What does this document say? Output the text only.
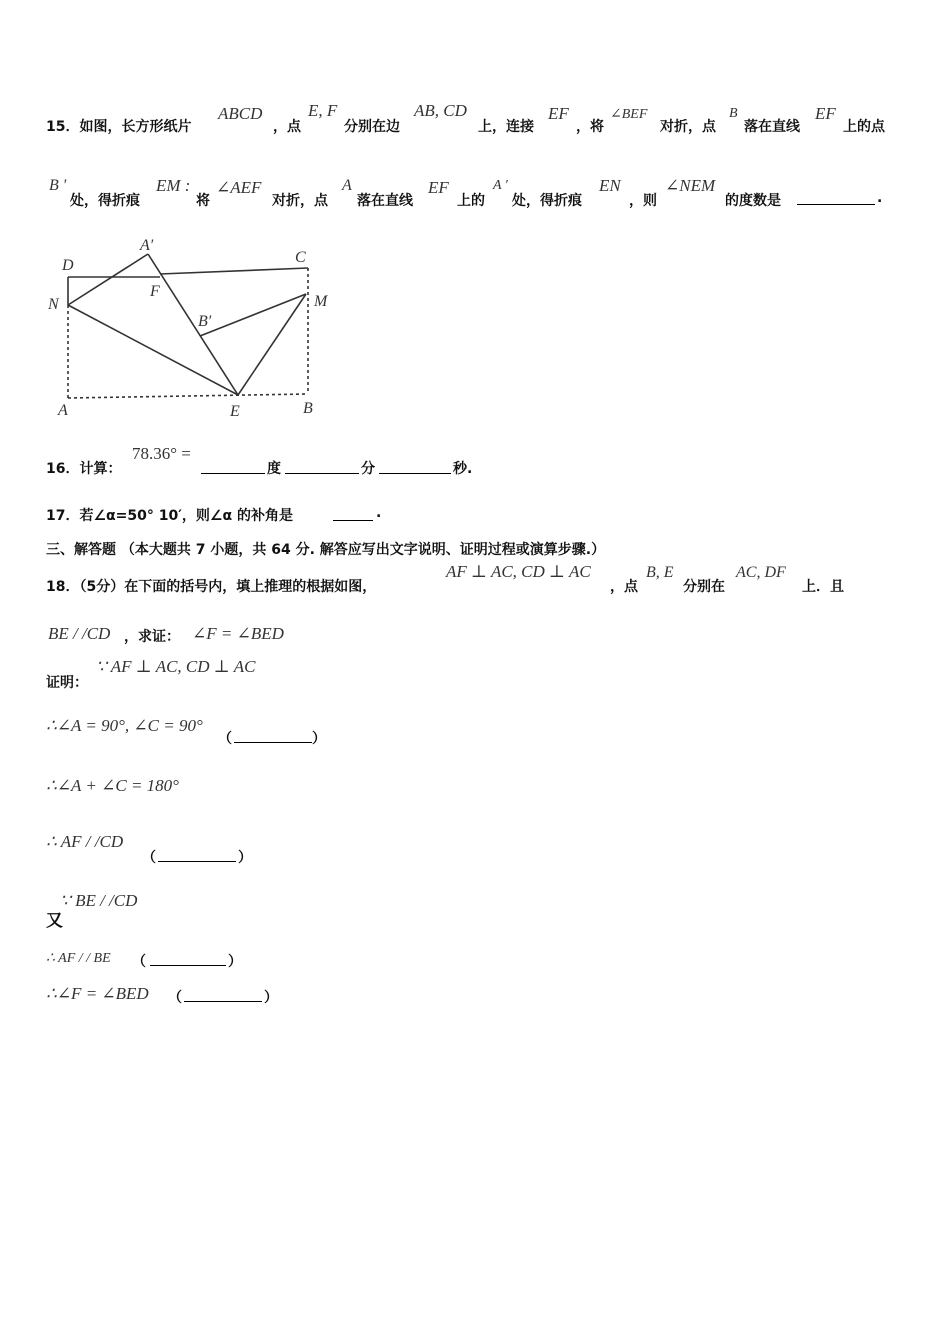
15．如图，长方形纸片
ABCD
，点
E, F
分别在边
AB, CD
上，连接
EF
，将
∠BEF
对折，点
B
落在直线
EF
上的点
B '
处，得折痕
EM :
将
∠AEF
对折，点
A
落在直线
EF
上的
A ′
处，得折痕
EN
，则
∠NEM
的度数是	.
D
A′
C
F
N	M
B′
A	E	B
16．计算：
78.36° =
度	分	秒.
17．若∠α=50° 10′，则∠α 的补角是	.
三、解答题 （本大题共 7 小题，共 64 分. 解答应写出文字说明、证明过程或演算步骤.）
18．（5分）在下面的括号内，填上推理的根据如图，
AF ⊥ AC, CD ⊥ AC
，点
B, E
分别在
AC, DF
上．且
BE / /CD ，求证： ∠F = ∠BED
证明：
∵ AF ⊥ AC, CD ⊥ AC
∴∠A = 90°, ∠C = 90°
（	）
∴∠A + ∠C = 180°
∴ AF / /CD
（	）
∵ BE / /CD
又
∴ AF / / BE （	）
∴∠F = ∠BED （	）
